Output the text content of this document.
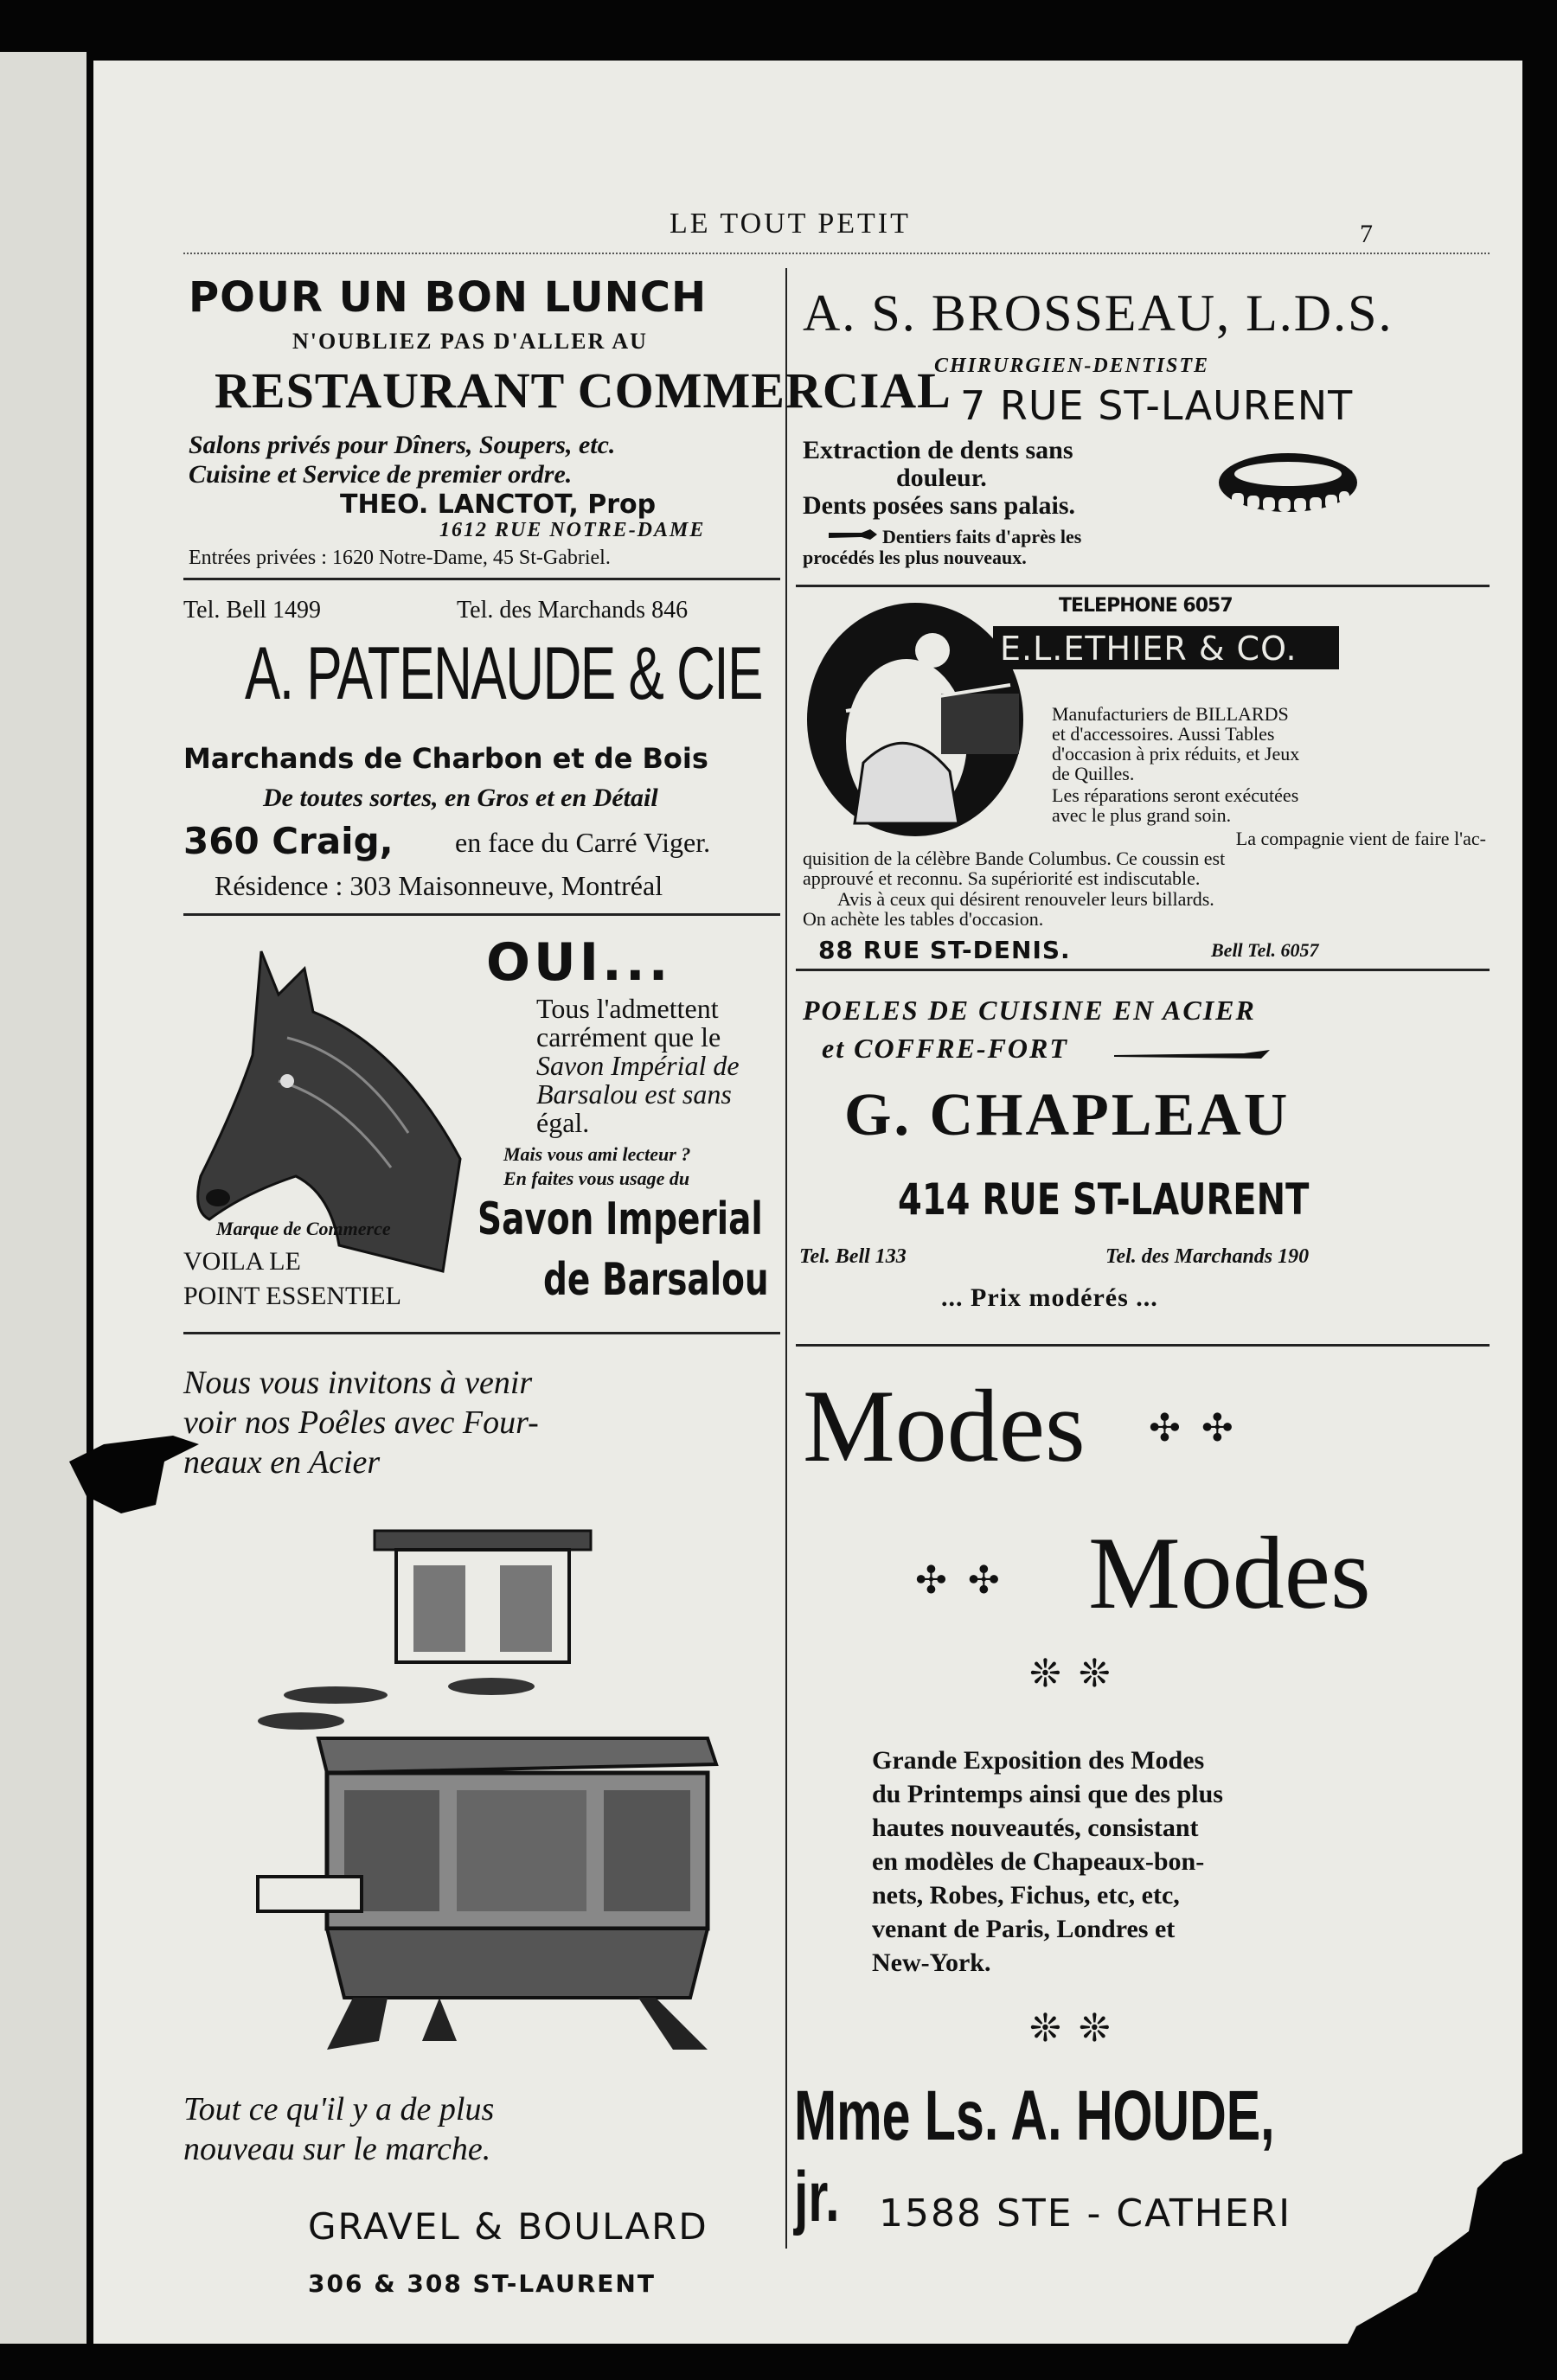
LE TOUT PETIT	7
POUR UN BON LUNCH
N'OUBLIEZ PAS D'ALLER AU
RESTAURANT COMMERCIAL
Salons privés pour Dîners, Soupers, etc.
Cuisine et Service de premier ordre.
THEO. LANCTOT, Prop
1612 RUE NOTRE-DAME
Entrées privées : 1620 Notre-Dame, 45 St-Gabriel.
A. S. BROSSEAU, L.D.S.
CHIRURGIEN-DENTISTE
7 RUE ST-LAURENT
Extraction de dents sans
douleur.
Dents posées sans palais.
Dentiers faits d'après les
procédés les plus nouveaux.
Tel. Bell 1499	Tel. des Marchands 846
A. PATENAUDE & CIE
Marchands de Charbon et de Bois
De toutes sortes, en Gros et en Détail
360 Craig, en face du Carré Viger.
Résidence : 303 Maisonneuve, Montréal
TELEPHONE 6057
E.L.ETHIER & CO.
Manufacturiers de BILLARDS
et d'accessoires. Aussi Tables
d'occasion à prix réduits, et Jeux
de Quilles.
Les réparations seront exécutées
avec le plus grand soin.
La compagnie vient de faire l'ac-
quisition de la célèbre Bande Columbus. Ce coussin est
approuvé et reconnu. Sa supériorité est indiscutable.
Avis à ceux qui désirent renouveler leurs billards.
On achète les tables d'occasion.
88 RUE ST-DENIS.	Bell Tel. 6057
OUI...
Tous l'admettent
carrément que le
Savon Impérial de
Barsalou est sans
égal.
Mais vous ami lecteur ?
En faites vous usage du
Marque de Commerce
VOILA LE
POINT ESSENTIEL
Savon Imperial
de Barsalou
POELES DE CUISINE EN ACIER
et COFFRE-FORT
G. CHAPLEAU
414 RUE ST-LAURENT
Tel. Bell 133	Tel. des Marchands 190
... Prix modérés ...
Nous vous invitons à venir
voir nos Poêles avec Four-
neaux en Acier
Tout ce qu'il y a de plus
nouveau sur le marche.
GRAVEL & BOULARD
306 & 308 ST-LAURENT
Modes ✣✣
✣✣ Modes
❊❊
Grande Exposition des Modes
du Printemps ainsi que des plus
hautes nouveautés, consistant
en modèles de Chapeaux-bon-
nets, Robes, Fichus, etc, etc,
venant de Paris, Londres et
New-York.
❊❊
Mme Ls. A. HOUDE, jr.	1588 STE - CATHERI
